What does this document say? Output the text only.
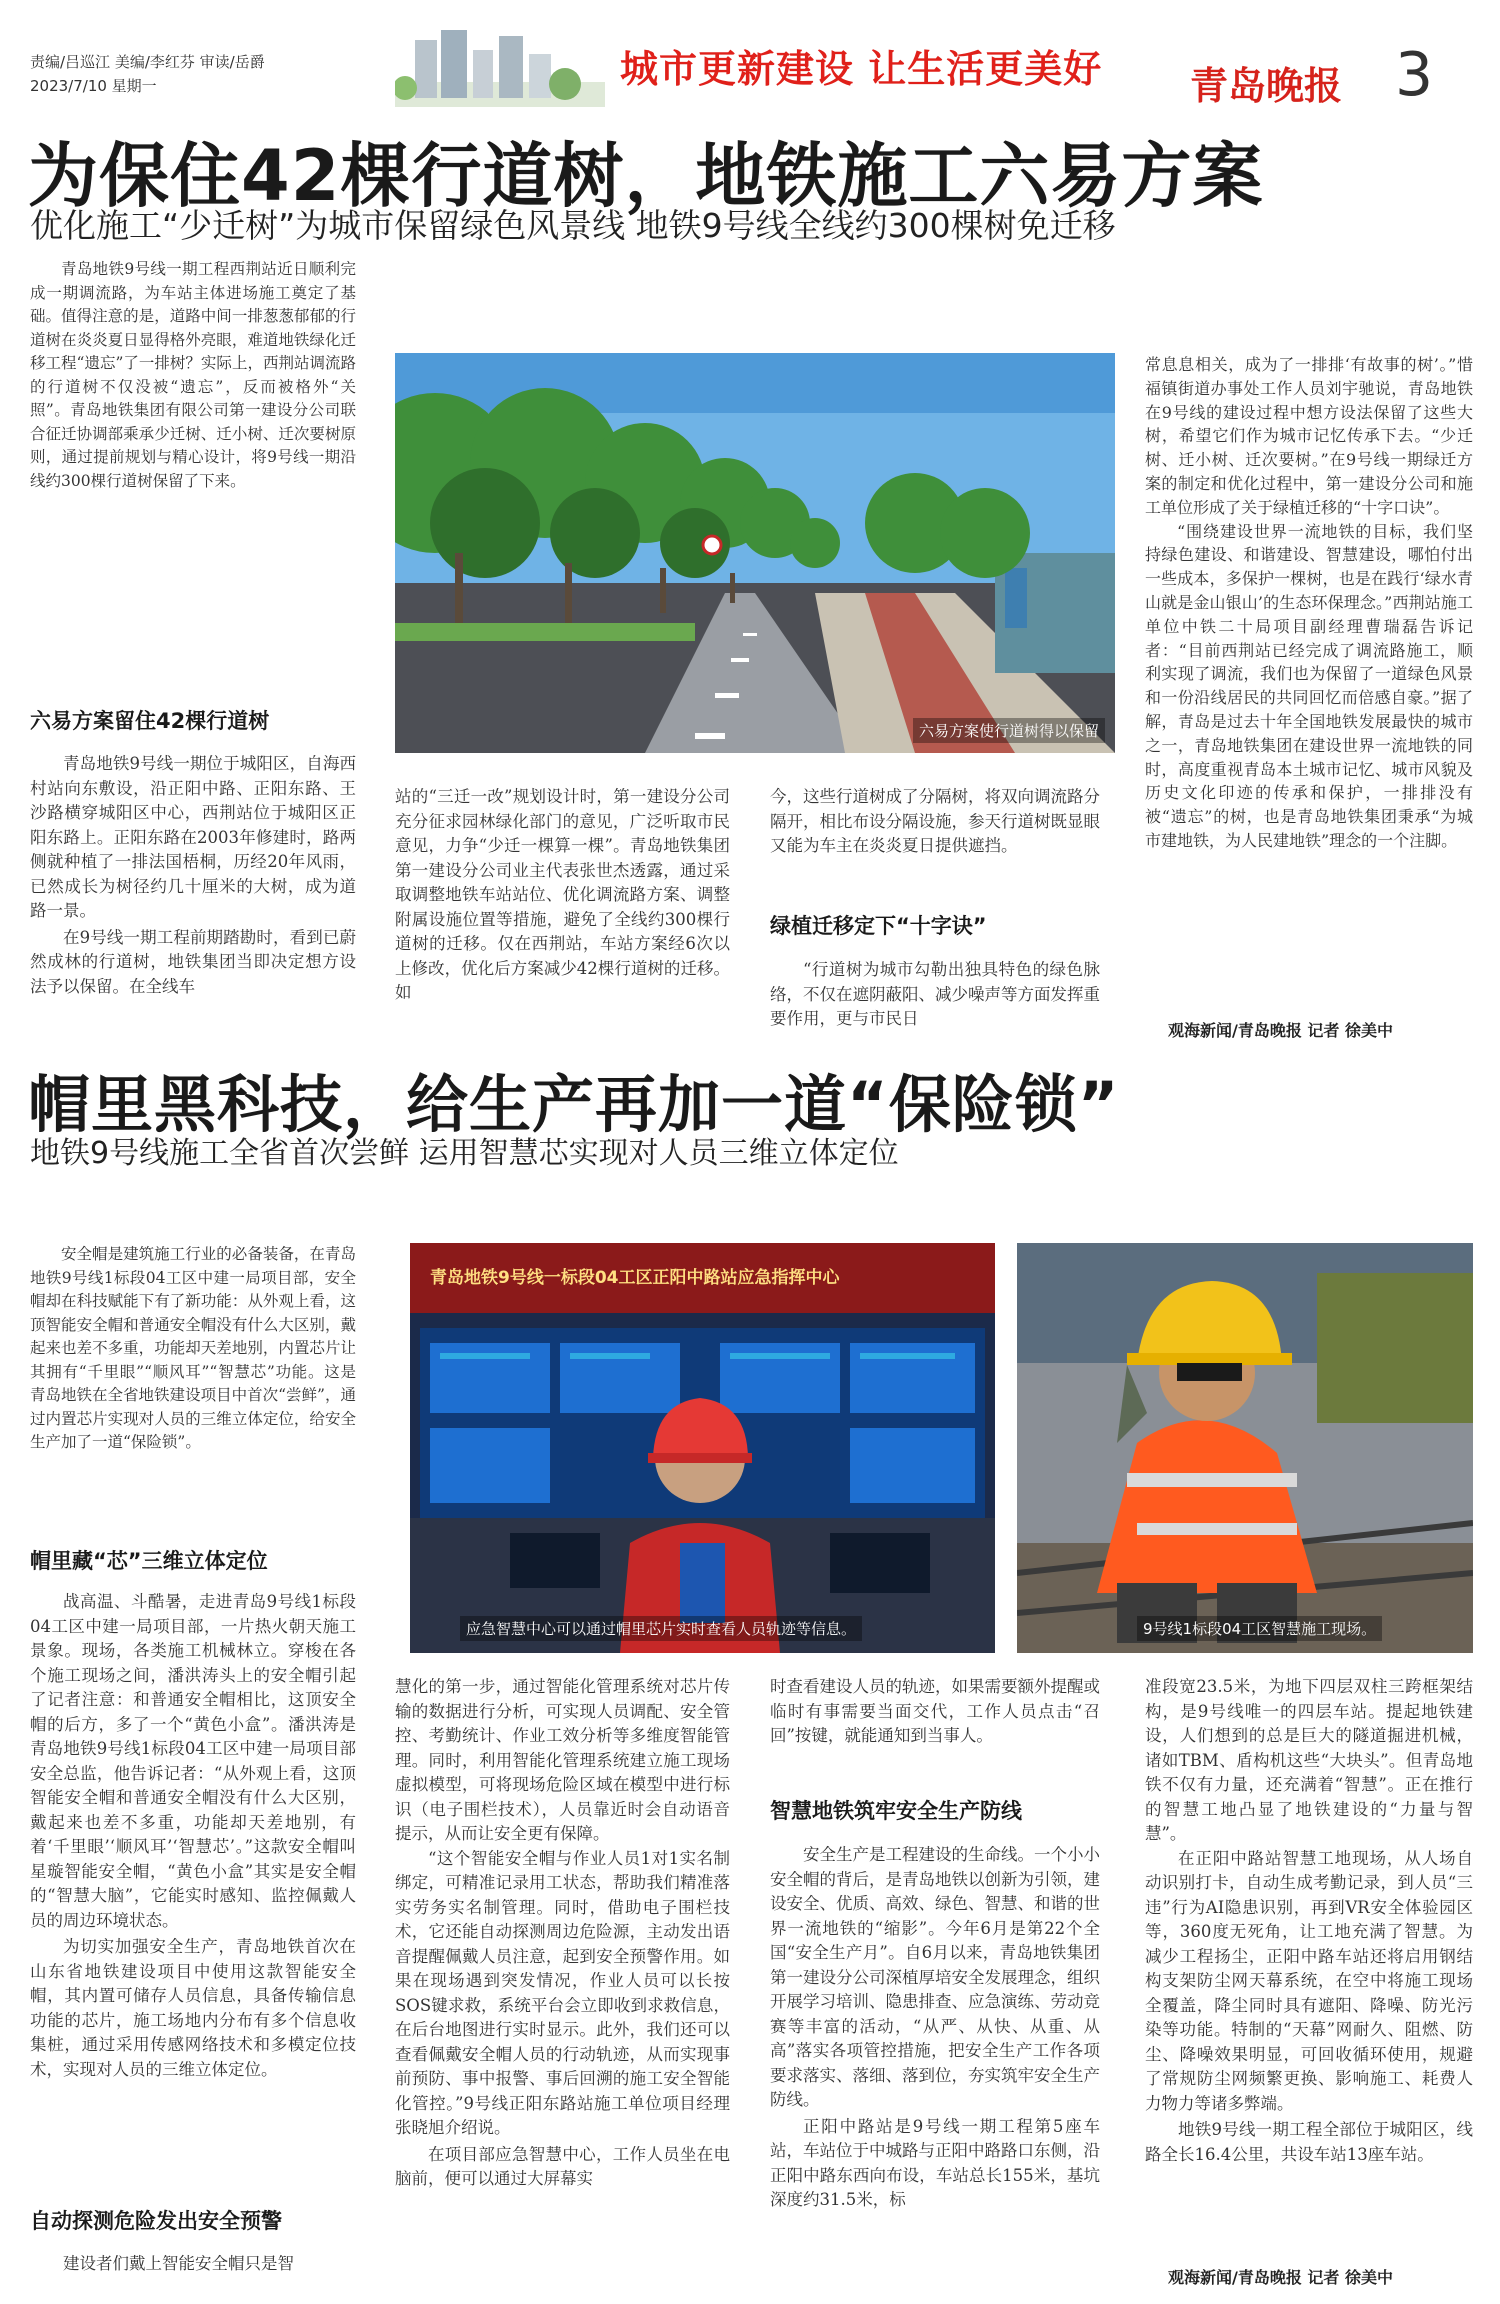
责编/吕巡江 美编/李红芬 审读/岳爵
2023/7/10 星期一	城市更新建设 让生活更美好 青岛晚报 3
为保住42棵行道树，地铁施工六易方案
优化施工“少迁树”为城市保留绿色风景线 地铁9号线全线约300棵树免迁移

青岛地铁9号线一期工程西荆站近日顺利完成一期调流路，为车站主体进场施工奠定了基础。值得注意的是，道路中间一排葱葱郁郁的行道树在炎炎夏日显得格外亮眼，难道地铁绿化迁移工程“遗忘”了一排树？实际上，西荆站调流路的行道树不仅没被“遗忘”，反而被格外“关照”。青岛地铁集团有限公司第一建设分公司联合征迁协调部乘承少迁树、迁小树、迁次要树原则，通过提前规划与精心设计，将9号线一期沿线约300棵行道树保留了下来。

六易方案留住42棵行道树

青岛地铁9号线一期位于城阳区，自海西村站向东敷设，沿正阳中路、正阳东路、王沙路横穿城阳区中心，西荆站位于城阳区正阳东路上。正阳东路在2003年修建时，路两侧就种植了一排法国梧桐，历经20年风雨，已然成长为树径约几十厘米的大树，成为道路一景。

在9号线一期工程前期踏勘时，看到已蔚然成林的行道树，地铁集团当即决定想方设法予以保留。在全线车

六易方案使行道树得以保留
站的“三迁一改”规划设计时，第一建设分公司充分征求园林绿化部门的意见，广泛听取市民意见，力争“少迁一棵算一棵”。青岛地铁集团第一建设分公司业主代表张世杰透露，通过采取调整地铁车站站位、优化调流路方案、调整附属设施位置等措施，避免了全线约300棵行道树的迁移。仅在西荆站，车站方案经6次以上修改，优化后方案减少42棵行道树的迁移。如
今，这些行道树成了分隔树，将双向调流路分隔开，相比布设分隔设施，参天行道树既显眼又能为车主在炎炎夏日提供遮挡。
绿植迁移定下“十字诀”

“行道树为城市勾勒出独具特色的绿色脉络，不仅在遮阴蔽阳、减少噪声等方面发挥重要作用，更与市民日

常息息相关，成为了一排排‘有故事的树’。”惜福镇街道办事处工作人员刘宇驰说，青岛地铁在9号线的建设过程中想方设法保留了这些大树，希望它们作为城市记忆传承下去。“少迁树、迁小树、迁次要树。”在9号线一期绿迁方案的制定和优化过程中，第一建设分公司和施工单位形成了关于绿植迁移的“十字口诀”。

“围绕建设世界一流地铁的目标，我们坚持绿色建设、和谐建设、智慧建设，哪怕付出一些成本，多保护一棵树，也是在践行‘绿水青山就是金山银山’的生态环保理念。”西荆站施工单位中铁二十局项目副经理曹瑞磊告诉记者：“目前西荆站已经完成了调流路施工，顺利实现了调流，我们也为保留了一道绿色风景和一份沿线居民的共同回忆而倍感自豪。”据了解，青岛是过去十年全国地铁发展最快的城市之一，青岛地铁集团在建设世界一流地铁的同时，高度重视青岛本土城市记忆、城市风貌及历史文化印迹的传承和保护，一排排没有被“遗忘”的树，也是青岛地铁集团秉承“为城市建地铁，为人民建地铁”理念的一个注脚。

观海新闻/青岛晚报 记者 徐美中
帽里黑科技，给生产再加一道“保险锁”
地铁9号线施工全省首次尝鲜 运用智慧芯实现对人员三维立体定位

安全帽是建筑施工行业的必备装备，在青岛地铁9号线1标段04工区中建一局项目部，安全帽却在科技赋能下有了新功能：从外观上看，这顶智能安全帽和普通安全帽没有什么大区别，戴起来也差不多重，功能却天差地别，内置芯片让其拥有“千里眼”“顺风耳”“智慧芯”功能。这是青岛地铁在全省地铁建设项目中首次“尝鲜”，通过内置芯片实现对人员的三维立体定位，给安全生产加了一道“保险锁”。

帽里藏“芯”三维立体定位

战高温、斗酷暑，走进青岛9号线1标段04工区中建一局项目部，一片热火朝天施工景象。现场，各类施工机械林立。穿梭在各个施工现场之间，潘洪涛头上的安全帽引起了记者注意：和普通安全帽相比，这顶安全帽的后方，多了一个“黄色小盒”。潘洪涛是青岛地铁9号线1标段04工区中建一局项目部安全总监，他告诉记者：“从外观上看，这顶智能安全帽和普通安全帽没有什么大区别，戴起来也差不多重，功能却天差地别，有着‘千里眼’‘顺风耳’‘智慧芯’。”这款安全帽叫星璇智能安全帽，“黄色小盒”其实是安全帽的“智慧大脑”，它能实时感知、监控佩戴人员的周边环境状态。

为切实加强安全生产，青岛地铁首次在山东省地铁建设项目中使用这款智能安全帽，其内置可储存人员信息，具备传输信息功能的芯片，施工场地内分布有多个信息收集桩，通过采用传感网络技术和多模定位技术，实现对人员的三维立体定位。

自动探测危险发出安全预警

建设者们戴上智能安全帽只是智

青岛地铁9号线一标段04工区正阳中路站应急指挥中心
应急智慧中心可以通过帽里芯片实时查看人员轨迹等信息。	9号线1标段04工区智慧施工现场。
慧化的第一步，通过智能化管理系统对芯片传输的数据进行分析，可实现人员调配、安全管控、考勤统计、作业工效分析等多维度智能管理。同时，利用智能化管理系统建立施工现场虚拟模型，可将现场危险区域在模型中进行标识（电子围栏技术），人员靠近时会自动语音提示，从而让安全更有保障。

“这个智能安全帽与作业人员1对1实名制绑定，可精准记录用工状态，帮助我们精准落实劳务实名制管理。同时，借助电子围栏技术，它还能自动探测周边危险源，主动发出语音提醒佩戴人员注意，起到安全预警作用。如果在现场遇到突发情况，作业人员可以长按SOS键求救，系统平台会立即收到求救信息，在后台地图进行实时显示。此外，我们还可以查看佩戴安全帽人员的行动轨迹，从而实现事前预防、事中报警、事后回溯的施工安全智能化管控。”9号线正阳东路站施工单位项目经理张晓旭介绍说。

在项目部应急智慧中心，工作人员坐在电脑前，便可以通过大屏幕实

时查看建设人员的轨迹，如果需要额外提醒或临时有事需要当面交代，工作人员点击“召回”按键，就能通知到当事人。
智慧地铁筑牢安全生产防线

安全生产是工程建设的生命线。一个小小安全帽的背后，是青岛地铁以创新为引领，建设安全、优质、高效、绿色、智慧、和谐的世界一流地铁的“缩影”。今年6月是第22个全国“安全生产月”。自6月以来，青岛地铁集团第一建设分公司深植厚培安全发展理念，组织开展学习培训、隐患排查、应急演练、劳动竞赛等丰富的活动，“从严、从快、从重、从高”落实各项管控措施，把安全生产工作各项要求落实、落细、落到位，夯实筑牢安全生产防线。

正阳中路站是9号线一期工程第5座车站，车站位于中城路与正阳中路路口东侧，沿正阳中路东西向布设，车站总长155米，基坑深度约31.5米，标

准段宽23.5米，为地下四层双柱三跨框架结构，是9号线唯一的四层车站。提起地铁建设，人们想到的总是巨大的隧道掘进机械，诸如TBM、盾构机这些“大块头”。但青岛地铁不仅有力量，还充满着“智慧”。正在推行的智慧工地凸显了地铁建设的“力量与智慧”。

在正阳中路站智慧工地现场，从人场自动识别打卡，自动生成考勤记录，到人员“三违”行为AI隐患识别，再到VR安全体验园区等，360度无死角，让工地充满了智慧。为减少工程扬尘，正阳中路车站还将启用钢结构支架防尘网天幕系统，在空中将施工现场全覆盖，降尘同时具有遮阳、降噪、防光污染等功能。特制的“天幕”网耐久、阻燃、防尘、降噪效果明显，可回收循环使用，规避了常规防尘网频繁更换、影响施工、耗费人力物力等诸多弊端。

地铁9号线一期工程全部位于城阳区，线路全长16.4公里，共设车站13座车站。

观海新闻/青岛晚报 记者 徐美中
